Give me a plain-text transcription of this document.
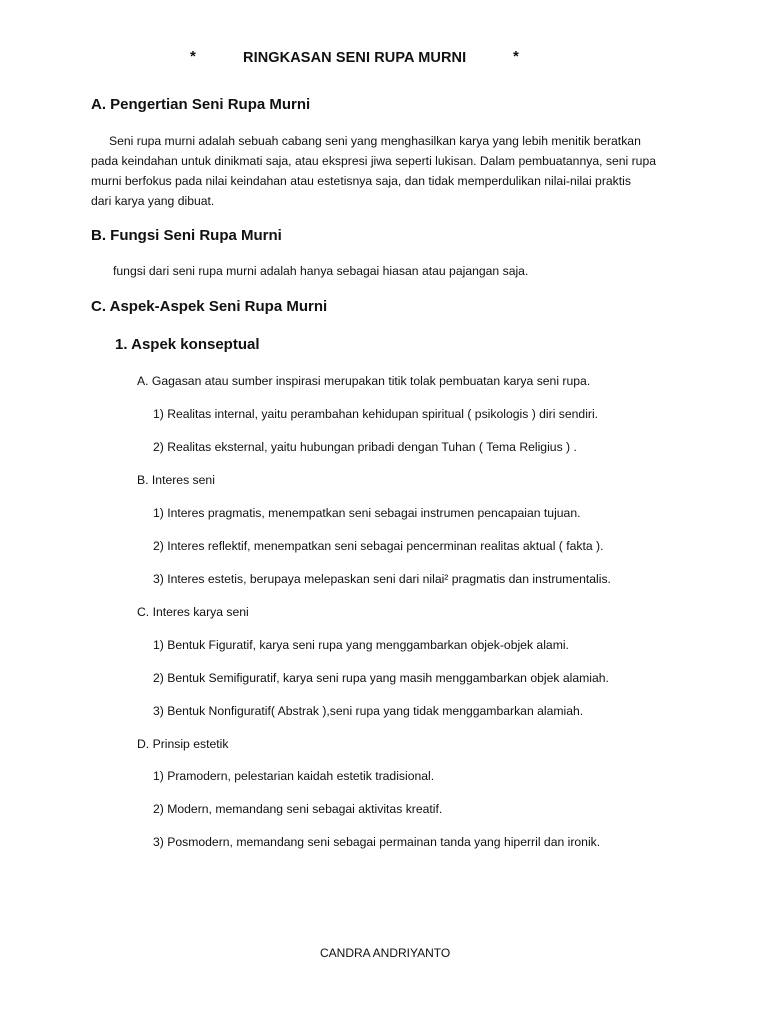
*	RINGKASAN SENI RUPA MURNI	*
A. Pengertian Seni Rupa Murni
Seni rupa murni adalah sebuah cabang seni yang menghasilkan karya yang lebih menitik beratkan
pada keindahan untuk dinikmati saja, atau ekspresi jiwa seperti lukisan. Dalam pembuatannya, seni rupa
murni berfokus pada nilai keindahan atau estetisnya saja, dan tidak memperdulikan nilai-nilai praktis
dari karya yang dibuat.
B. Fungsi Seni Rupa Murni
fungsi dari seni rupa murni adalah hanya sebagai hiasan atau pajangan saja.
C. Aspek-Aspek Seni Rupa Murni
1. Aspek konseptual
A. Gagasan atau sumber inspirasi merupakan titik tolak pembuatan karya seni rupa.
1) Realitas internal, yaitu perambahan kehidupan spiritual ( psikologis ) diri sendiri.
2) Realitas eksternal, yaitu hubungan pribadi dengan Tuhan ( Tema Religius ) .
B. Interes seni
1) Interes pragmatis, menempatkan seni sebagai instrumen pencapaian tujuan.
2) Interes reflektif, menempatkan seni sebagai pencerminan realitas aktual ( fakta ).
3) Interes estetis, berupaya melepaskan seni dari nilai² pragmatis dan instrumentalis.
C. Interes karya seni
1) Bentuk Figuratif, karya seni rupa yang menggambarkan objek-objek alami.
2) Bentuk Semifiguratif, karya seni rupa yang masih menggambarkan objek alamiah.
3) Bentuk Nonfiguratif( Abstrak ),seni rupa yang tidak menggambarkan alamiah.
D. Prinsip estetik
1) Pramodern, pelestarian kaidah estetik tradisional.
2) Modern, memandang seni sebagai aktivitas kreatif.
3) Posmodern, memandang seni sebagai permainan tanda yang hiperril dan ironik.
CANDRA ANDRIYANTO
